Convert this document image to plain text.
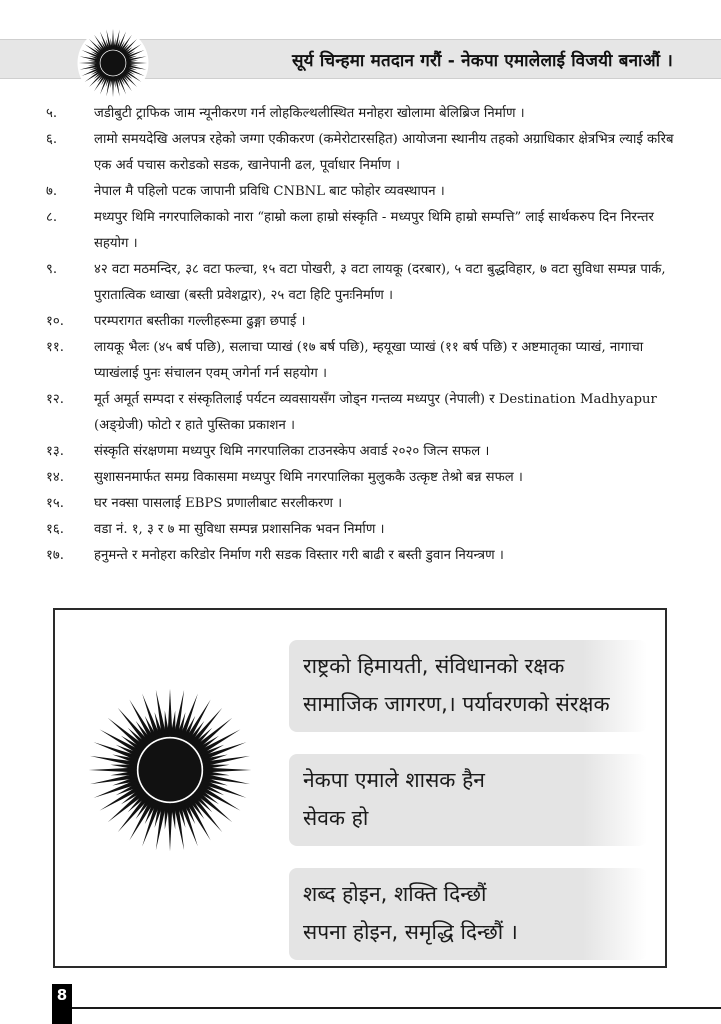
सूर्य चिन्हमा मतदान गरौं - नेकपा एमालेलाई विजयी बनाऔं ।
५.	जडीबुटी ट्राफिक जाम न्यूनीकरण गर्न लोहकिल्थलीस्थित मनोहरा खोलामा बेलिब्रिज निर्माण ।
६.	लामो समयदेखि अलपत्र रहेको जग्गा एकीकरण (कमेरोटारसहित) आयोजना स्थानीय तहको अग्राधिकार क्षेत्रभित्र ल्याई करिब एक अर्व पचास करोडको सडक, खानेपानी ढल, पूर्वाधार निर्माण ।
७.	नेपाल मै पहिलो पटक जापानी प्रविधि CNBNL बाट फोहोर व्यवस्थापन ।
८.	मध्यपुर थिमि नगरपालिकाको नारा “हाम्रो कला हाम्रो संस्कृति - मध्यपुर थिमि हाम्रो सम्पत्ति” लाई सार्थकरुप दिन निरन्तर सहयोग ।
९.	४२ वटा मठमन्दिर, ३८ वटा फल्चा, १५ वटा पोखरी, ३ वटा लायकू (दरबार), ५ वटा बुद्धविहार, ७ वटा सुविधा सम्पन्न पार्क, पुरातात्विक ध्वाखा (बस्ती प्रवेशद्वार), २५ वटा हिटि पुनःनिर्माण ।
१०. परम्परागत बस्तीका गल्लीहरूमा ढुङ्गा छपाई ।
११. लायकू भैलः (४५ बर्ष पछि), सलाचा प्याखं (१७ बर्ष पछि), म्हयूखा प्याखं (११ बर्ष पछि) र अष्टमातृका प्याखं, नागाचा प्याखंलाई पुनः संचालन एवम् जगेर्ना गर्न सहयोग ।
१२. मूर्त अमूर्त सम्पदा र संस्कृतिलाई पर्यटन व्यवसायसँग जोड्न गन्तव्य मध्यपुर (नेपाली) र Destination Madhyapur (अङ्ग्रेजी) फोटो र हाते पुस्तिका प्रकाशन ।
१३. संस्कृति संरक्षणमा मध्यपुर थिमि नगरपालिका टाउनस्केप अवार्ड २०२० जित्न सफल ।
१४. सुशासनमार्फत समग्र विकासमा मध्यपुर थिमि नगरपालिका मुलुककै उत्कृष्ट तेश्रो बन्न सफल ।
१५. घर नक्सा पासलाई EBPS प्रणालीबाट सरलीकरण ।
१६. वडा नं. १, ३ र ७ मा सुविधा सम्पन्न प्रशासनिक भवन निर्माण ।
१७. हनुमन्ते र मनोहरा करिडोर निर्माण गरी सडक विस्तार गरी बाढी र बस्ती डुवान नियन्त्रण ।
राष्ट्रको हिमायती, संविधानको रक्षक
सामाजिक जागरण,। पर्यावरणको संरक्षक
नेकपा एमाले शासक हैन
सेवक हो
शब्द होइन, शक्ति दिन्छौं
सपना होइन, समृद्धि दिन्छौं ।
8
